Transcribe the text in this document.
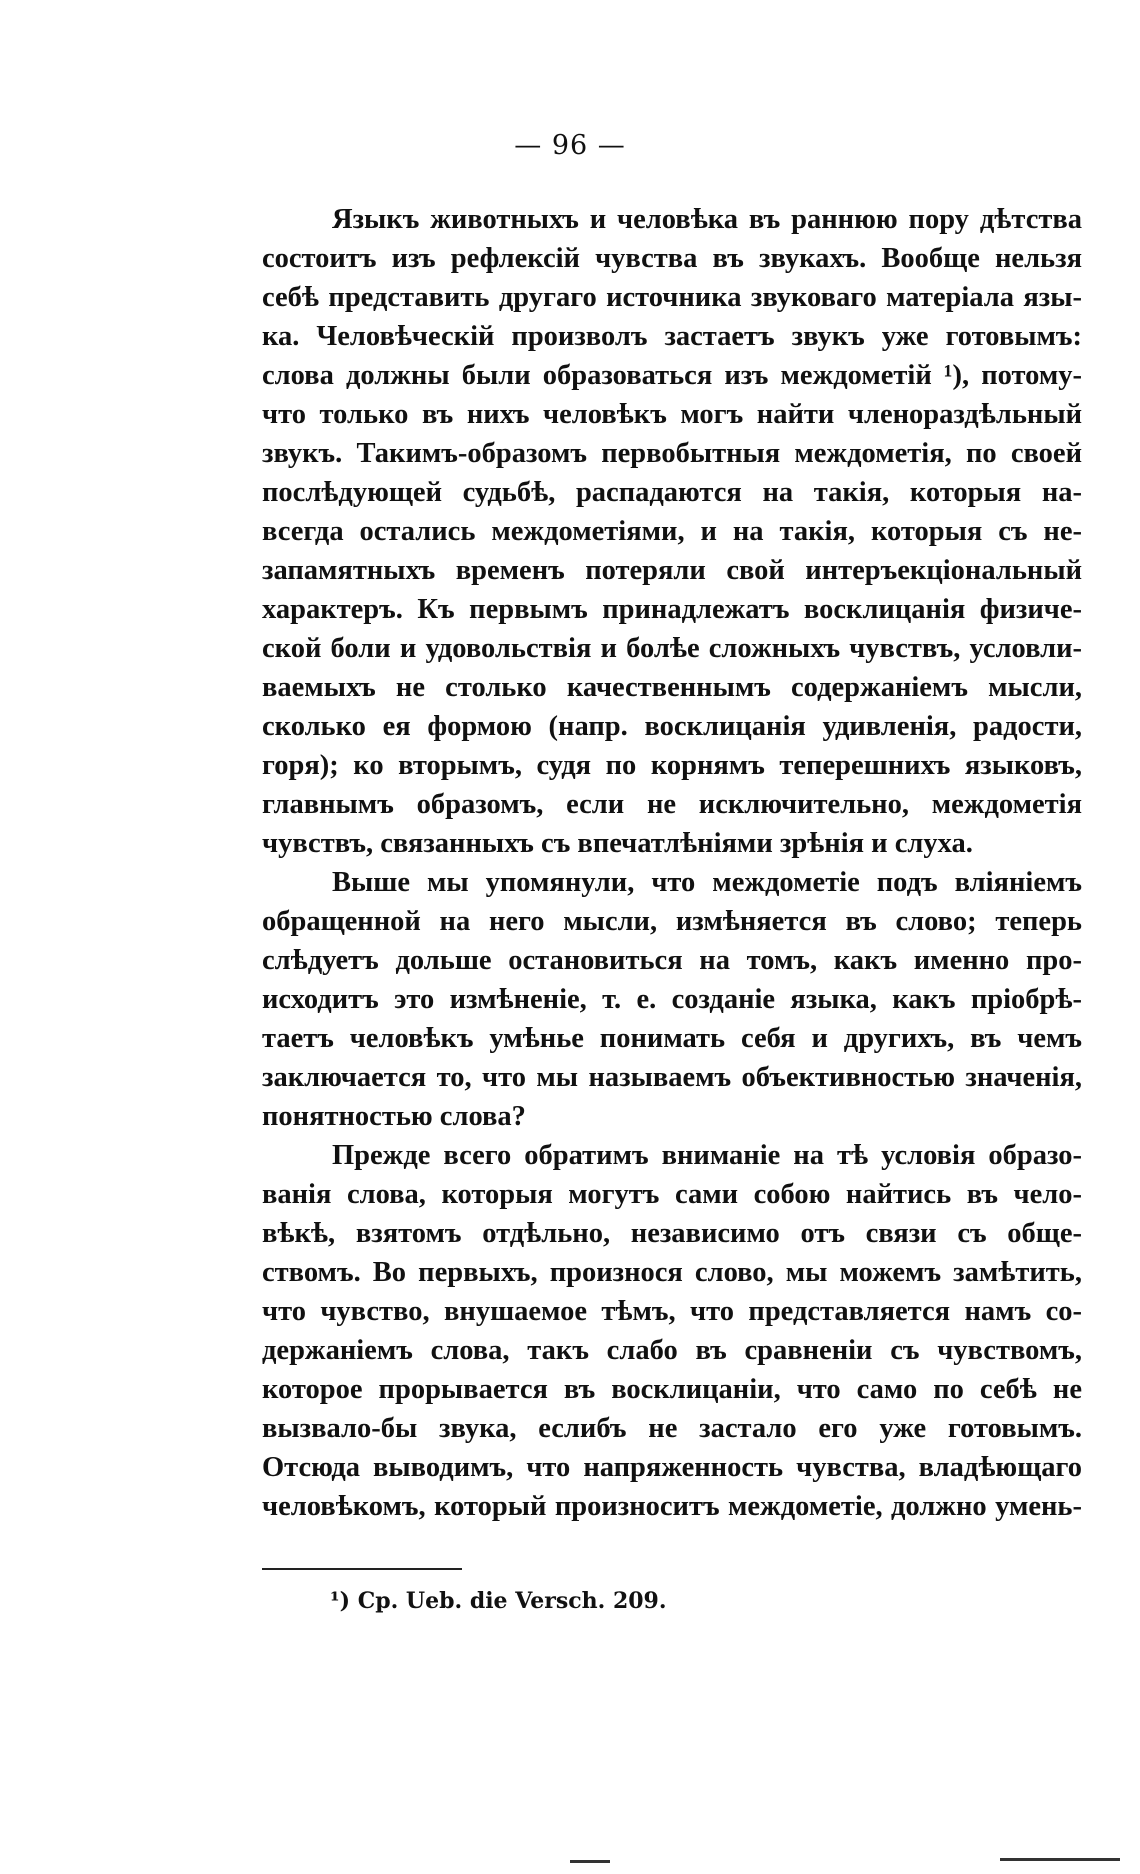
— 96 —
Языкъ животныхъ и человѣка въ раннюю пору дѣтства
состоитъ изъ рефлексій чувства въ звукахъ. Вообще нельзя
себѣ представить другаго источника звуковаго матеріала язы-
ка. Человѣческій произволъ застаетъ звукъ уже готовымъ:
слова должны были образоваться изъ междометій ¹), потому-
что только въ нихъ человѣкъ могъ найти членораздѣльный
звукъ. Такимъ-образомъ первобытныя междометія, по своей
послѣдующей судьбѣ, распадаются на такія, которыя на-
всегда остались междометіями, и на такія, которыя съ не-
запамятныхъ временъ потеряли свой интеръекціональный
характеръ. Къ первымъ принадлежатъ восклицанія физиче-
ской боли и удовольствія и болѣе сложныхъ чувствъ, условли-
ваемыхъ не столько качественнымъ содержаніемъ мысли,
сколько ея формою (напр. восклицанія удивленія, радости,
горя); ко вторымъ, судя по корнямъ теперешнихъ языковъ,
главнымъ образомъ, если не исключительно, междометія
чувствъ, связанныхъ съ впечатлѣніями зрѣнія и слуха.
Выше мы упомянули, что междометіе подъ вліяніемъ
обращенной на него мысли, измѣняется въ слово; теперь
слѣдуетъ дольше остановиться на томъ, какъ именно про-
исходитъ это измѣненіе, т. е. созданіе языка, какъ пріобрѣ-
таетъ человѣкъ умѣнье понимать себя и другихъ, въ чемъ
заключается то, что мы называемъ объективностью значенія,
понятностью слова?
Прежде всего обратимъ вниманіе на тѣ условія образо-
ванія слова, которыя могутъ сами собою найтись въ чело-
вѣкѣ, взятомъ отдѣльно, независимо отъ связи съ обще-
ствомъ. Во первыхъ, произнося слово, мы можемъ замѣтить,
что чувство, внушаемое тѣмъ, что представляется намъ со-
держаніемъ слова, такъ слабо въ сравненіи съ чувствомъ,
которое прорывается въ восклицаніи, что само по себѣ не
вызвало-бы звука, еслибъ не застало его уже готовымъ.
Отсюда выводимъ, что напряженность чувства, владѣющаго
человѣкомъ, который произноситъ междометіе, должно умень-
¹) Cp. Ueb. die Versch. 209.
